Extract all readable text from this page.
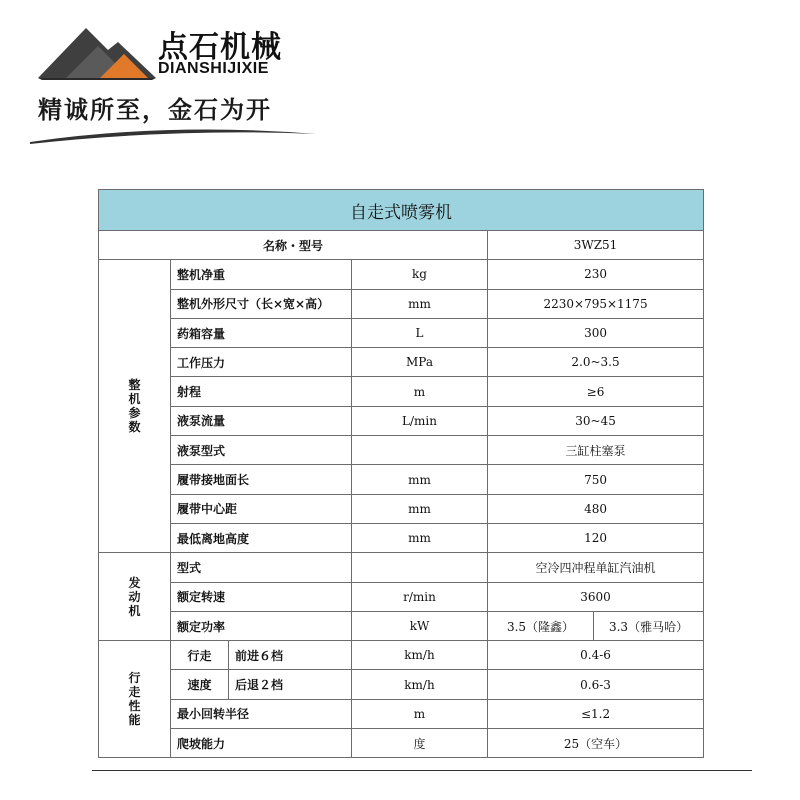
点石机械
DIANSHIJIXIE
精诚所至，金石为开
自走式喷雾机					
名称・型号				3WZ51	
整机参数	整机净重		kg	230	
	整机外形尺寸（长×宽×高）		mm	2230×795×1175	
	药箱容量		L	300	
	工作压力		MPa	2.0~3.5	
	射程		m	≥6	
	液泵流量		L/min	30~45	
	液泵型式			三缸柱塞泵	
	履带接地面长		mm	750	
	履带中心距		mm	480	
	最低离地高度		mm	120	
发动机	型式			空冷四冲程单缸汽油机	
	额定转速		r/min	3600	
	额定功率		kW	3.5（隆鑫）	3.3（雅马哈）
行走性能	行走	前进６档	km/h	0.4-6	
	速度	后退２档	km/h	0.6-3	
	最小回转半径		m	≤1.2	
	爬坡能力		度	25（空车）	
